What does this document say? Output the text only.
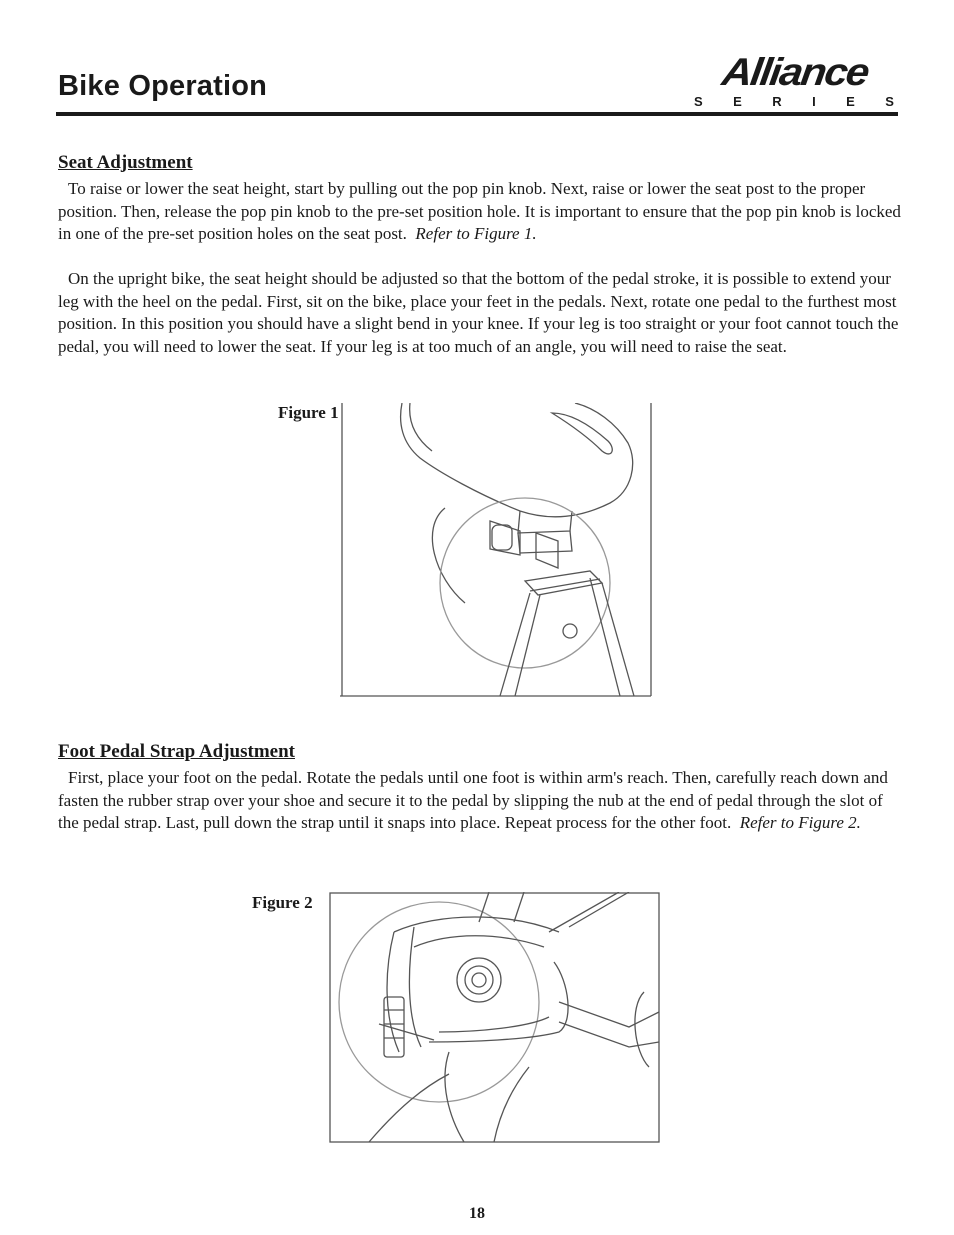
Bike Operation	Alliance
S E R I E S
Seat Adjustment

To raise or lower the seat height, start by pulling out the pop pin knob. Next, raise or lower the seat post to the proper position. Then, release the pop pin knob to the pre-set position hole. It is important to ensure that the pop pin knob is locked in one of the pre-set position holes on the seat post. Refer to Figure 1.

On the upright bike, the seat height should be adjusted so that the bottom of the pedal stroke, it is possible to extend your leg with the heel on the pedal. First, sit on the bike, place your feet in the pedals. Next, rotate one pedal to the furthest most position. In this position you should have a slight bend in your knee. If your leg is too straight or your foot cannot touch the pedal, you will need to lower the seat. If your leg is at too much of an angle, you will need to raise the seat.

Figure 1

Foot Pedal Strap Adjustment

First, place your foot on the pedal. Rotate the pedals until one foot is within arm's reach. Then, carefully reach down and fasten the rubber strap over your shoe and secure it to the pedal by slipping the nub at the end of pedal through the slot of the pedal strap. Last, pull down the strap until it snaps into place. Repeat process for the other foot. Refer to Figure 2.

Figure 2

18
